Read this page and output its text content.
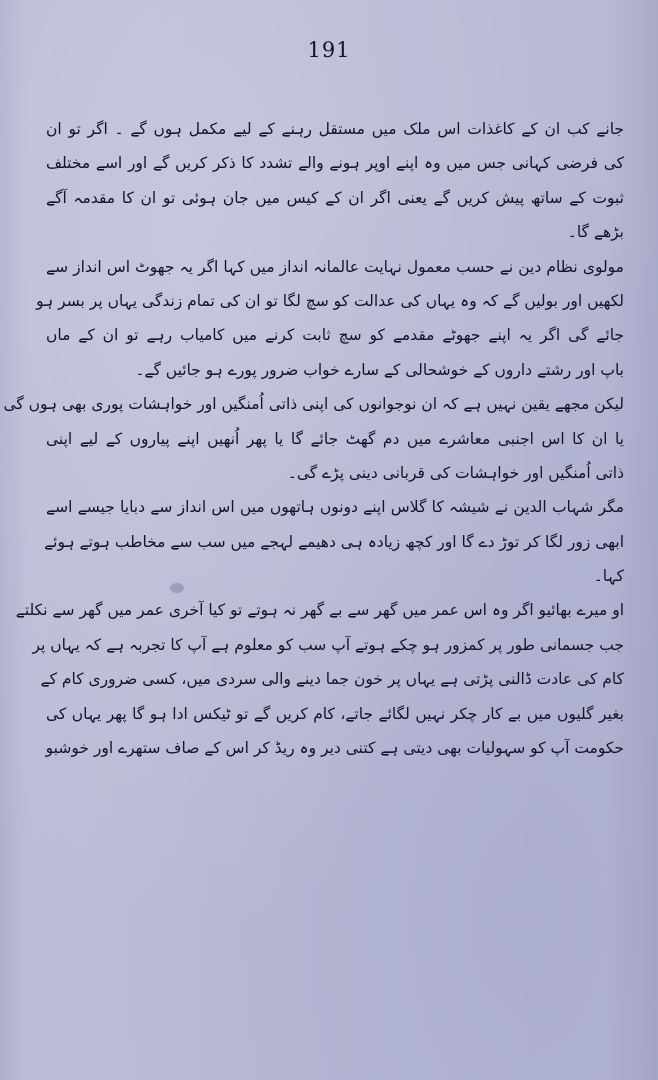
191
جانے کب ان کے کاغذات اس ملک میں مستقل رہنے کے لیے مکمل ہوں گے ۔ اگر تو ان
کی فرضی کہانی جس میں وہ اپنے اوپر ہونے والے تشدد کا ذکر کریں گے اور اسے مختلف
ثبوت کے ساتھ پیش کریں گے یعنی اگر ان کے کیس میں جان ہوئی تو ان کا مقدمہ آگے
بڑھے گا۔
مولوی نظام دین نے حسب معمول نہایت عالمانہ انداز میں کہا اگر یہ جھوٹ اس انداز سے
لکھیں اور بولیں گے کہ وہ یہاں کی عدالت کو سچ لگا تو ان کی تمام زندگی یہاں پر بسر ہو
جائے گی اگر یہ اپنے جھوٹے مقدمے کو سچ ثابت کرنے میں کامیاب رہے تو ان کے ماں
باپ اور رشتے داروں کے خوشحالی کے سارے خواب ضرور پورے ہو جائیں گے۔
لیکن مجھے یقین نہیں ہے کہ ان نوجوانوں کی اپنی ذاتی اُمنگیں اور خواہشات پوری بھی ہوں گی
یا ان کا اس اجنبی معاشرے میں دم گھٹ جائے گا یا پھر اُنھیں اپنے پیاروں کے لیے اپنی
ذاتی اُمنگیں اور خواہشات کی قربانی دینی پڑے گی۔
مگر شہاب الدین نے شیشہ کا گلاس اپنے دونوں ہاتھوں میں اس انداز سے دبایا جیسے اسے
ابھی زور لگا کر توڑ دے گا اور کچھ زیادہ ہی دھیمے لہجے میں سب سے مخاطب ہوتے ہوئے
کہا۔
او میرے بھائیو اگر وہ اس عمر میں گھر سے بے گھر نہ ہوتے تو کیا آخری عمر میں گھر سے نکلتے
جب جسمانی طور پر کمزور ہو چکے ہوتے آپ سب کو معلوم ہے آپ کا تجربہ ہے کہ یہاں پر
کام کی عادت ڈالنی پڑتی ہے یہاں پر خون جما دینے والی سردی میں، کسی ضروری کام کے
بغیر گلیوں میں بے کار چکر نہیں لگائے جاتے، کام کریں گے تو ٹیکس ادا ہو گا پھر یہاں کی
حکومت آپ کو سہولیات بھی دیتی ہے کتنی دیر وہ ریڈ کر اس کے صاف ستھرے اور خوشبو
